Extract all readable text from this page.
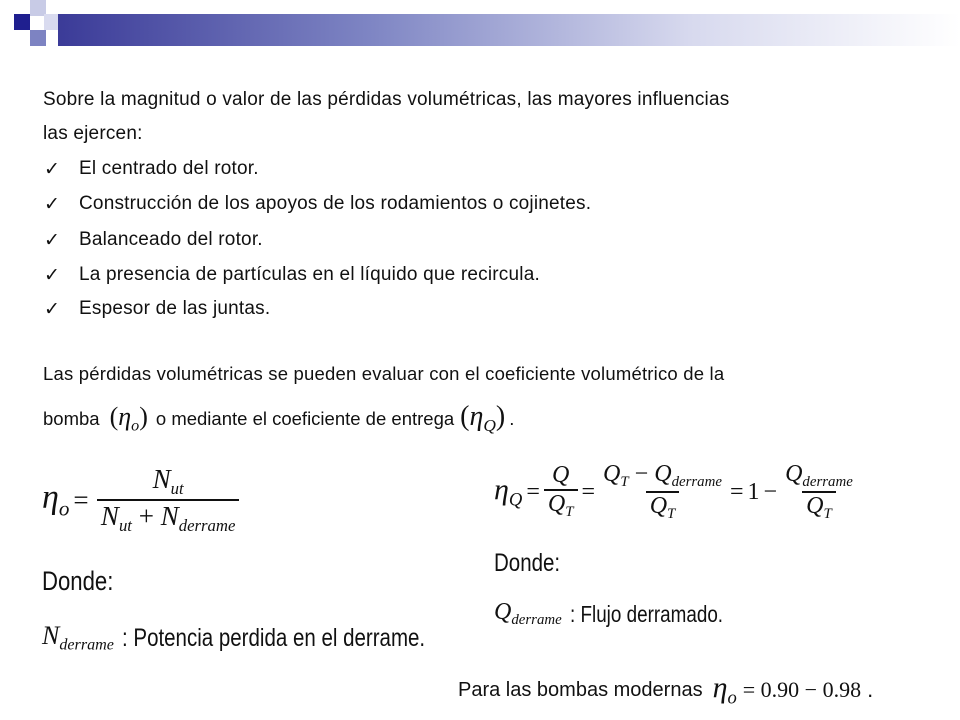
Sobre la magnitud o valor de las pérdidas volumétricas, las mayores influencias
las ejercen:
✓ El centrado del rotor.
✓ Construcción de los apoyos de los rodamientos o cojinetes.
✓ Balanceado del rotor.
✓ La presencia de partículas en el líquido que recircula.
✓ Espesor de las juntas.
Las pérdidas volumétricas se pueden evaluar con el coeficiente volumétrico de la
bomba $(\eta_o)$ o mediante el coeficiente de entrega $(\eta_Q)$ .
$\eta_o = \frac{N_{ut}}{N_{ut} + N_{derrame}}$	$\eta_Q = \frac{Q}{Q_T} = \frac{Q_T - Q_{derrame}}{Q_T} = 1 - \frac{Q_{derrame}}{Q_T}$
Donde:
$N_{derrame}$ : Potencia perdida en el derrame.
Donde:
$Q_{derrame}$ : Flujo derramado.
Para las bombas modernas $\eta_o = 0.90 - 0.98$ .
